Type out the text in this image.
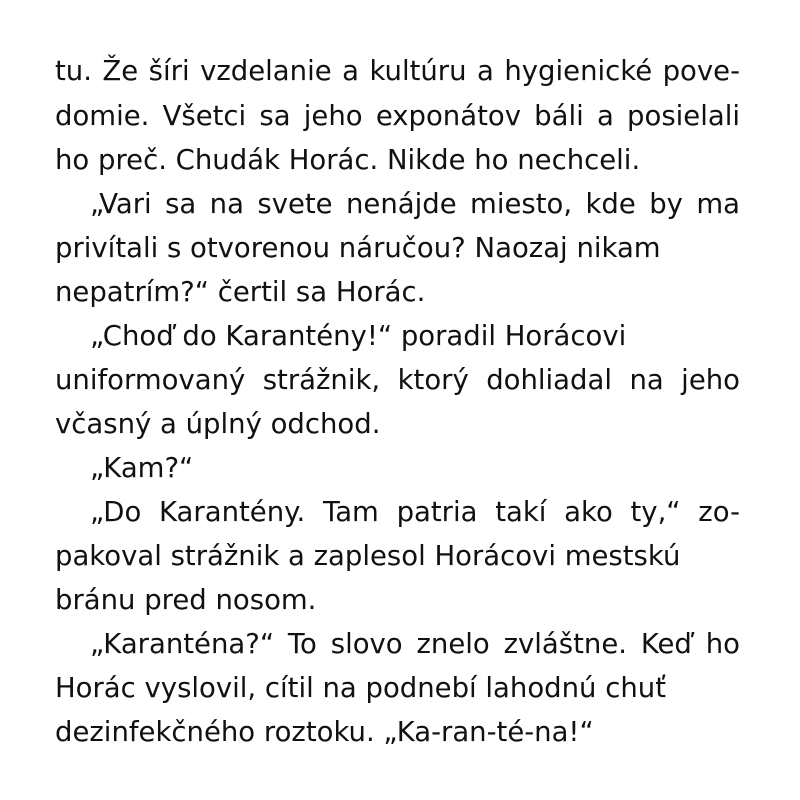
tu. Že šíri vzdelanie a kultúru a hygienické pove-
domie. Všetci sa jeho exponátov báli a posielali
ho preč. Chudák Horác. Nikde ho nechceli.
„Vari sa na svete nenájde miesto, kde by ma
privítali s otvorenou náručou? Naozaj nikam
nepatrím?“ čertil sa Horác.
„Choď do Karantény!“ poradil Horácovi
uniformovaný strážnik, ktorý dohliadal na jeho
včasný a úplný odchod.
„Kam?“
„Do Karantény. Tam patria takí ako ty,“ zo-
pakoval strážnik a zaplesol Horácovi mestskú
bránu pred nosom.
„Karanténa?“ To slovo znelo zvláštne. Keď ho
Horác vyslovil, cítil na podnebí lahodnú chuť
dezinfekčného roztoku. „Ka-ran-té-na!“
